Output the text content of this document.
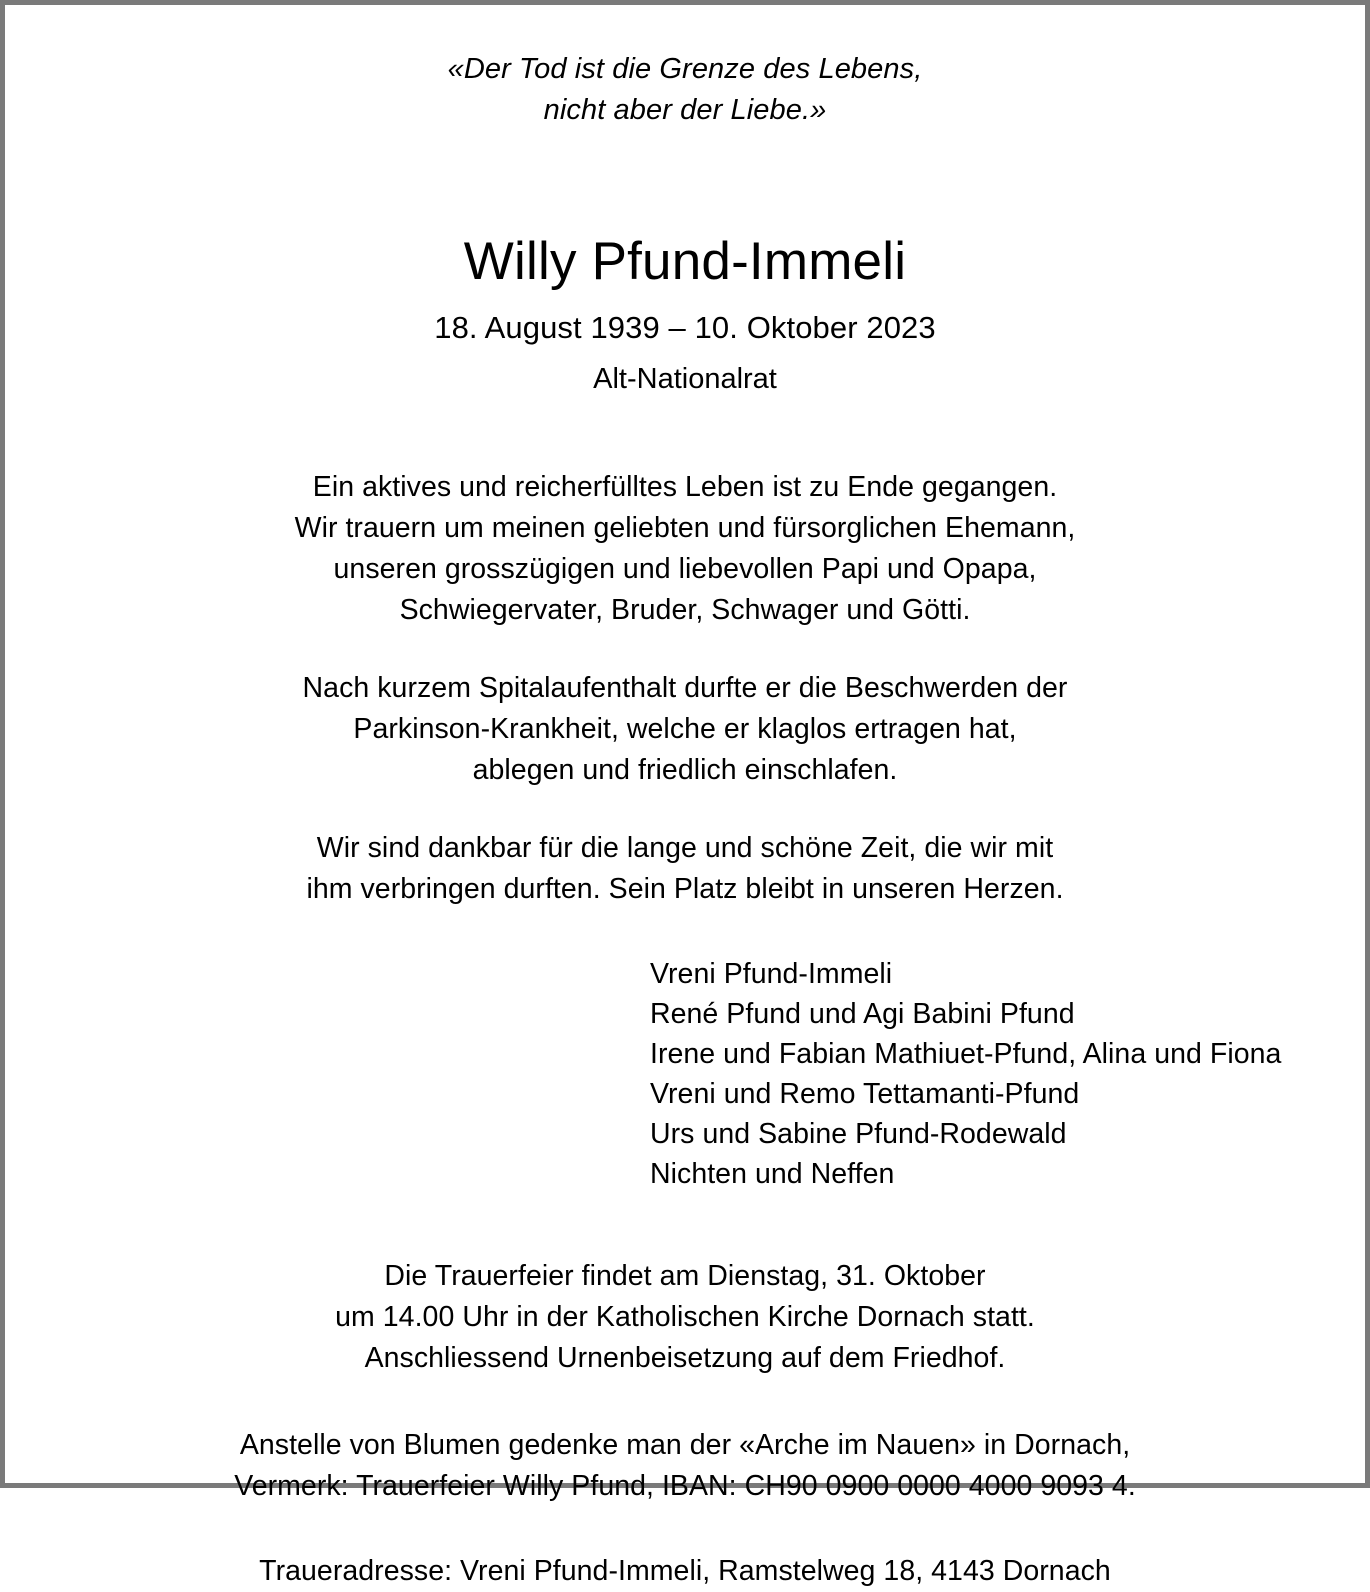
«Der Tod ist die Grenze des Lebens,
nicht aber der Liebe.»
Willy Pfund-Immeli
18. August 1939 – 10. Oktober 2023
Alt-Nationalrat
Ein aktives und reicherfülltes Leben ist zu Ende gegangen.
Wir trauern um meinen geliebten und fürsorglichen Ehemann,
unseren grosszügigen und liebevollen Papi und Opapa,
Schwiegervater, Bruder, Schwager und Götti.
Nach kurzem Spitalaufenthalt durfte er die Beschwerden der
Parkinson-Krankheit, welche er klaglos ertragen hat,
ablegen und friedlich einschlafen.
Wir sind dankbar für die lange und schöne Zeit, die wir mit
ihm verbringen durften. Sein Platz bleibt in unseren Herzen.
Vreni Pfund-Immeli
René Pfund und Agi Babini Pfund
Irene und Fabian Mathiuet-Pfund, Alina und Fiona
Vreni und Remo Tettamanti-Pfund
Urs und Sabine Pfund-Rodewald
Nichten und Neffen
Die Trauerfeier findet am Dienstag, 31. Oktober
um 14.00 Uhr in der Katholischen Kirche Dornach statt.
Anschliessend Urnenbeisetzung auf dem Friedhof.
Anstelle von Blumen gedenke man der «Arche im Nauen» in Dornach,
Vermerk: Trauerfeier Willy Pfund, IBAN: CH90 0900 0000 4000 9093 4.
Traueradresse: Vreni Pfund-Immeli, Ramstelweg 18, 4143 Dornach
